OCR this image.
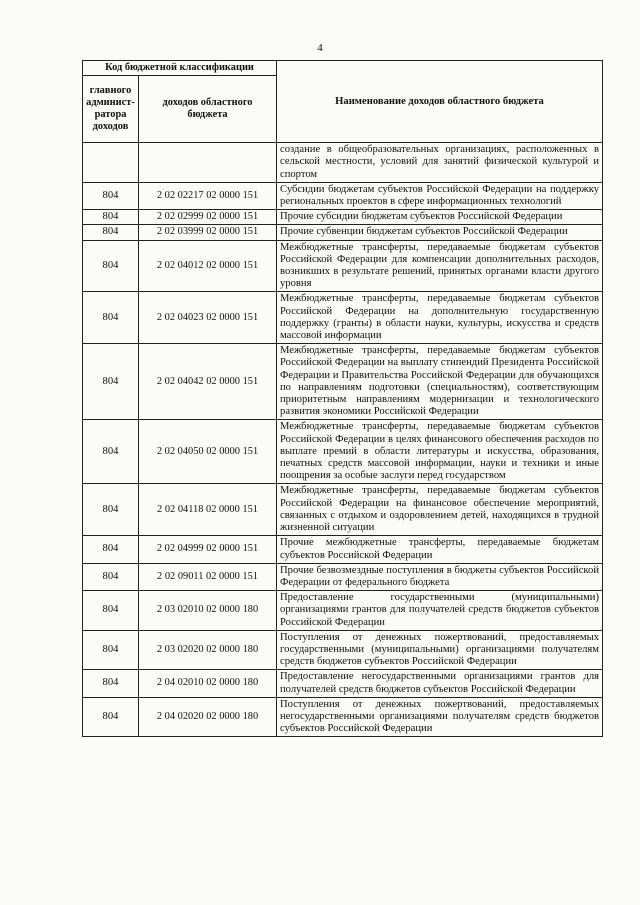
4
Код бюджетной классификации		Наименование доходов областного бюджета
главного админист- ратора доходов	доходов областного бюджета	
		создание в общеобразовательных организациях, расположенных в сельской местности, условий для занятий физической культурой и спортом
804	2 02 02217 02 0000 151	Субсидии бюджетам субъектов Российской Федерации на поддержку региональных проектов в сфере информационных технологий
804	2 02 02999 02 0000 151	Прочие субсидии бюджетам субъектов Российской Федерации
804	2 02 03999 02 0000 151	Прочие субвенции бюджетам субъектов Российской Федерации
804	2 02 04012 02 0000 151	Межбюджетные трансферты, передаваемые бюджетам субъектов Российской Федерации для компенсации дополнительных расходов, возникших в результате решений, принятых органами власти другого уровня
804	2 02 04023 02 0000 151	Межбюджетные трансферты, передаваемые бюджетам субъектов Российской Федерации на дополнительную государственную поддержку (гранты) в области науки, культуры, искусства и средств массовой информации
804	2 02 04042 02 0000 151	Межбюджетные трансферты, передаваемые бюджетам субъектов Российской Федерации на выплату стипендий Президента Российской Федерации и Правительства Российской Федерации для обучающихся по направлениям подготовки (специальностям), соответствующим приоритетным направлениям модернизации и технологического развития экономики Российской Федерации
804	2 02 04050 02 0000 151	Межбюджетные трансферты, передаваемые бюджетам субъектов Российской Федерации в целях финансового обеспечения расходов по выплате премий в области литературы и искусства, образования, печатных средств массовой информации, науки и техники и иные поощрения за особые заслуги перед государством
804	2 02 04118 02 0000 151	Межбюджетные трансферты, передаваемые бюджетам субъектов Российской Федерации на финансовое обеспечение мероприятий, связанных с отдыхом и оздоровлением детей, находящихся в трудной жизненной ситуации
804	2 02 04999 02 0000 151	Прочие межбюджетные трансферты, передаваемые бюджетам субъектов Российской Федерации
804	2 02 09011 02 0000 151	Прочие безвозмездные поступления в бюджеты субъектов Российской Федерации от федерального бюджета
804	2 03 02010 02 0000 180	Предоставление государственными (муниципальными) организациями грантов для получателей средств бюджетов субъектов Российской Федерации
804	2 03 02020 02 0000 180	Поступления от денежных пожертвований, предоставляемых государственными (муниципальными) организациями получателям средств бюджетов субъектов Российской Федерации
804	2 04 02010 02 0000 180	Предоставление негосударственными организациями грантов для получателей средств бюджетов субъектов Российской Федерации
804	2 04 02020 02 0000 180	Поступления от денежных пожертвований, предоставляемых негосударственными организациями получателям средств бюджетов субъектов Российской Федерации
